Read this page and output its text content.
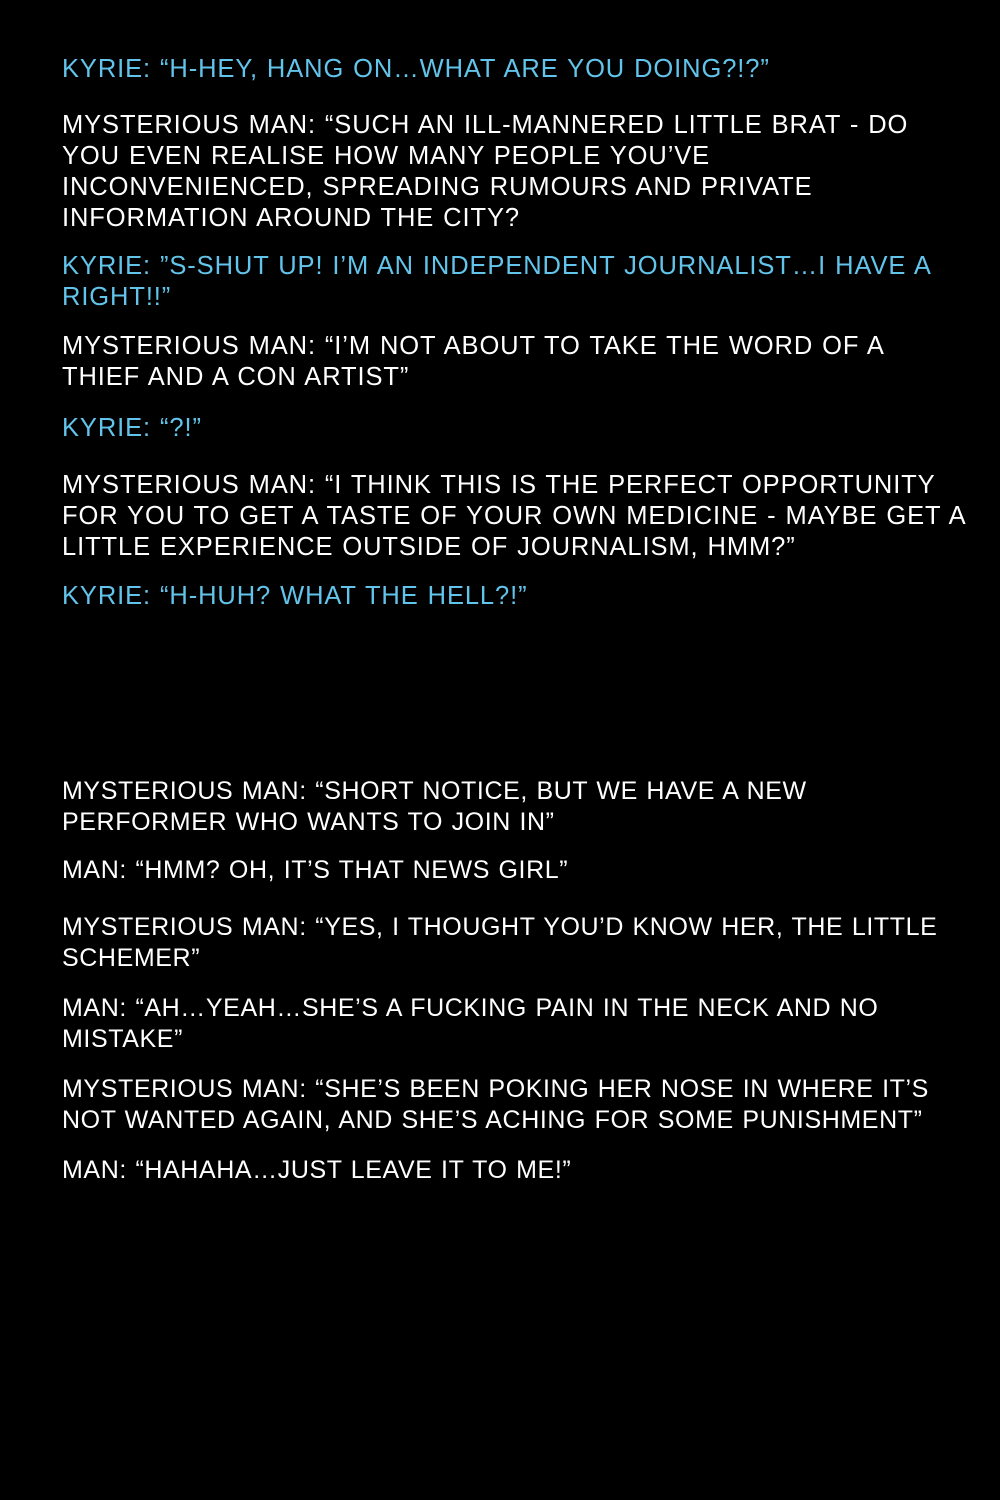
KYRIE: “H-HEY, HANG ON…WHAT ARE YOU DOING?!?”
MYSTERIOUS MAN: “SUCH AN ILL-MANNERED LITTLE BRAT - DO YOU EVEN REALISE HOW MANY PEOPLE YOU’VE INCONVENIENCED, SPREADING RUMOURS AND PRIVATE INFORMATION AROUND THE CITY?
KYRIE: ”S-SHUT UP! I’M AN INDEPENDENT JOURNALIST…I HAVE A RIGHT!!”
MYSTERIOUS MAN: “I’M NOT ABOUT TO TAKE THE WORD OF A THIEF AND A CON ARTIST”
KYRIE: “?!”
MYSTERIOUS MAN: “I THINK THIS IS THE PERFECT OPPORTUNITY FOR YOU TO GET A TASTE OF YOUR OWN MEDICINE - MAYBE GET A LITTLE EXPERIENCE OUTSIDE OF JOURNALISM, HMM?”
KYRIE: “H-HUH? WHAT THE HELL?!”
MYSTERIOUS MAN: “SHORT NOTICE, BUT WE HAVE A NEW PERFORMER WHO WANTS TO JOIN IN”
MAN: “HMM? OH, IT’S THAT NEWS GIRL”
MYSTERIOUS MAN: “YES, I THOUGHT YOU’D KNOW HER, THE LITTLE SCHEMER”
MAN: “AH…YEAH…SHE’S A FUCKING PAIN IN THE NECK AND NO MISTAKE”
MYSTERIOUS MAN: “SHE’S BEEN POKING HER NOSE IN WHERE IT’S NOT WANTED AGAIN, AND SHE’S ACHING FOR SOME PUNISHMENT”
MAN: “HAHAHA…JUST LEAVE IT TO ME!”
